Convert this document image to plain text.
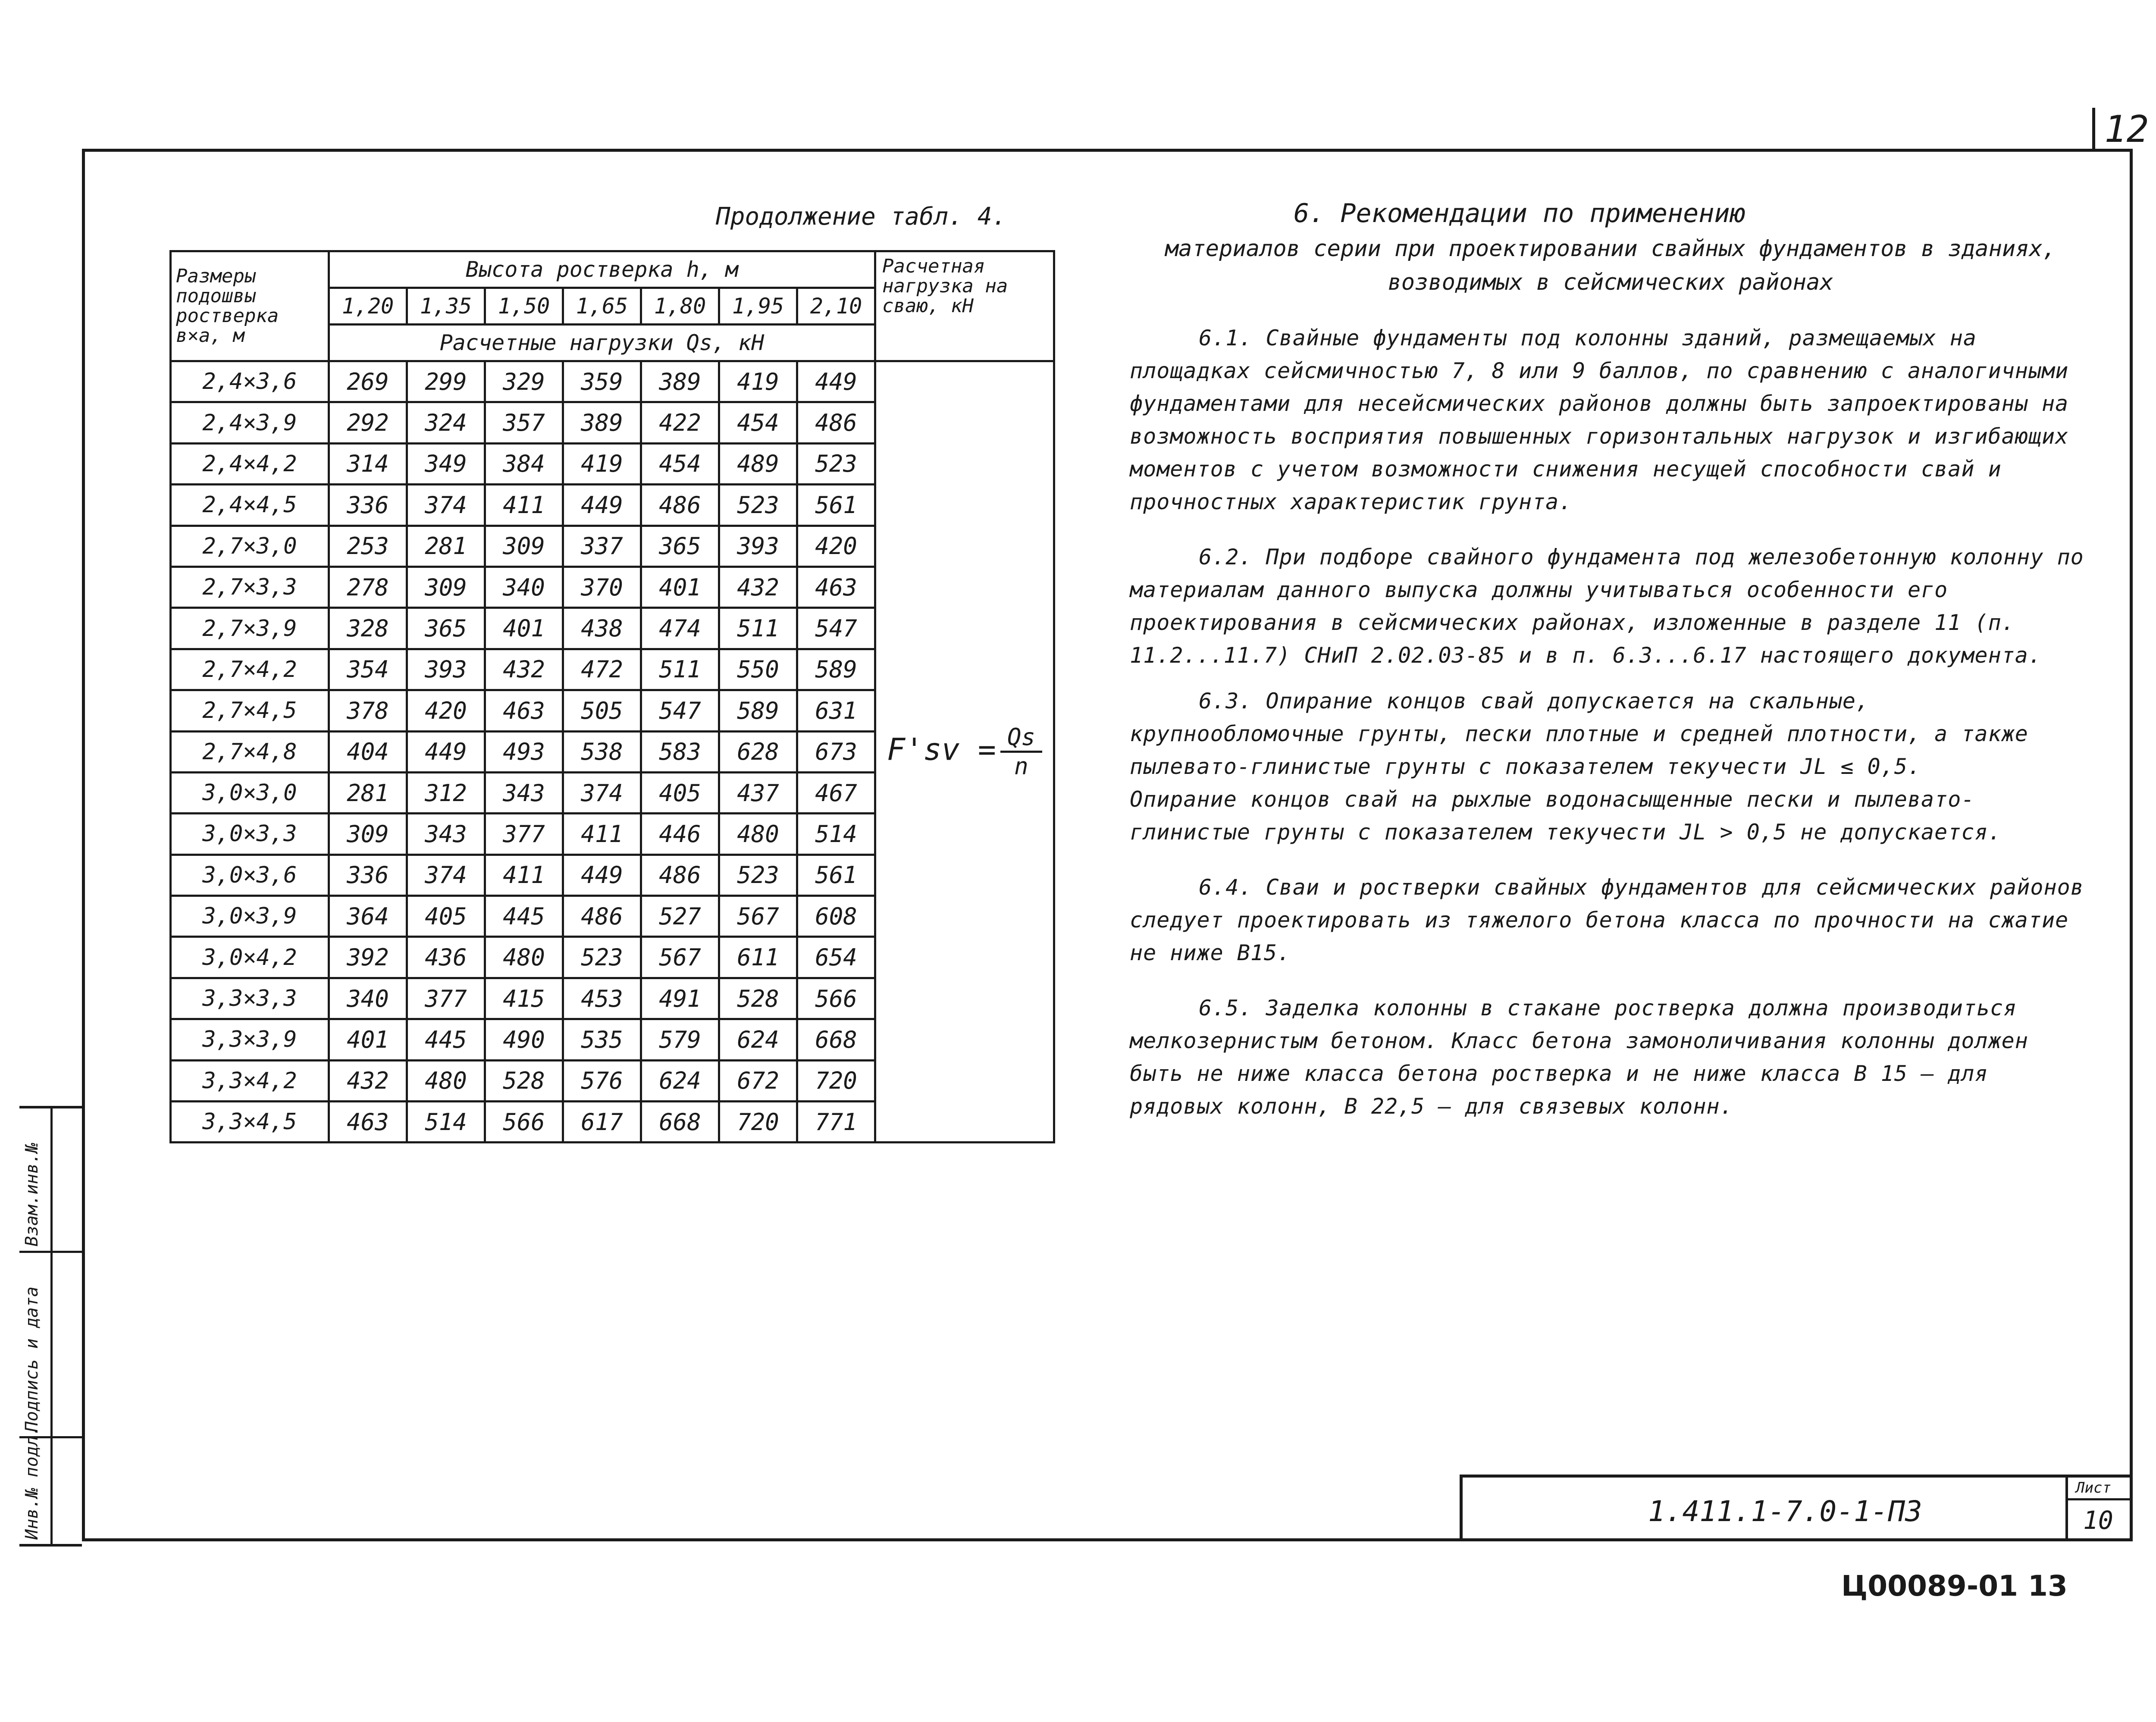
12
Инв.№ подл.
Подпись и дата
Взам.инв.№
Продолжение табл. 4.
Размеры подошвы ростверка в×а, м	Высота ростверка h, м							Расчетная нагрузка на сваю, кН
	1,20	1,35	1,50	1,65	1,80	1,95	2,10	
	Расчетные нагрузки Qs, кН							
2,4×3,6	269	299	329	359	389	419	449	$F'sv = \frac{Qs}{n}$

2,4×3,9	292	324	357	389	422	454	486	
2,4×4,2	314	349	384	419	454	489	523	
2,4×4,5	336	374	411	449	486	523	561	
2,7×3,0	253	281	309	337	365	393	420	
2,7×3,3	278	309	340	370	401	432	463	
2,7×3,9	328	365	401	438	474	511	547	
2,7×4,2	354	393	432	472	511	550	589	
2,7×4,5	378	420	463	505	547	589	631	
2,7×4,8	404	449	493	538	583	628	673	
3,0×3,0	281	312	343	374	405	437	467	
3,0×3,3	309	343	377	411	446	480	514	
3,0×3,6	336	374	411	449	486	523	561	
3,0×3,9	364	405	445	486	527	567	608	
3,0×4,2	392	436	480	523	567	611	654	
3,3×3,3	340	377	415	453	491	528	566	
3,3×3,9	401	445	490	535	579	624	668	
3,3×4,2	432	480	528	576	624	672	720	
3,3×4,5	463	514	566	617	668	720	771	
6. Рекомендации по применению
материалов серии при проектировании свайных фундаментов в зданиях, возводимых в сейсмических районах

6.1. Свайные фундаменты под колонны зданий, размещаемых на площадках сейсмичностью 7, 8 или 9 баллов, по сравнению с аналогичными фундаментами для несейсмических районов должны быть запроектированы на возможность восприятия повышенных горизонтальных нагрузок и изгибающих моментов с учетом возможности снижения несущей способности свай и прочностных характеристик грунта.

6.2. При подборе свайного фундамента под железобетонную колонну по материалам данного выпуска должны учитываться особенности его проектирования в сейсмических районах, изложенные в разделе 11 (п. 11.2...11.7) СНиП 2.02.03-85 и в п. 6.3...6.17 настоящего документа.

6.3. Опирание концов свай допускается на скальные, крупнообломочные грунты, пески плотные и средней плотности, а также пылевато-глинистые грунты с показателем текучести JL ≤ 0,5.

Опирание концов свай на рыхлые водонасыщенные пески и пылевато-глинистые грунты с показателем текучести JL > 0,5 не допускается.

6.4. Сваи и ростверки свайных фундаментов для сейсмических районов следует проектировать из тяжелого бетона класса по прочности на сжатие не ниже В15.

6.5. Заделка колонны в стакане ростверка должна производиться мелкозернистым бетоном. Класс бетона замоноличивания колонны должен быть не ниже класса бетона ростверка и не ниже класса В 15 — для рядовых колонн, В 22,5 — для связевых колонн.

1.411.1-7.0-1-ПЗ
Лист
10
Ц00089-01 13
